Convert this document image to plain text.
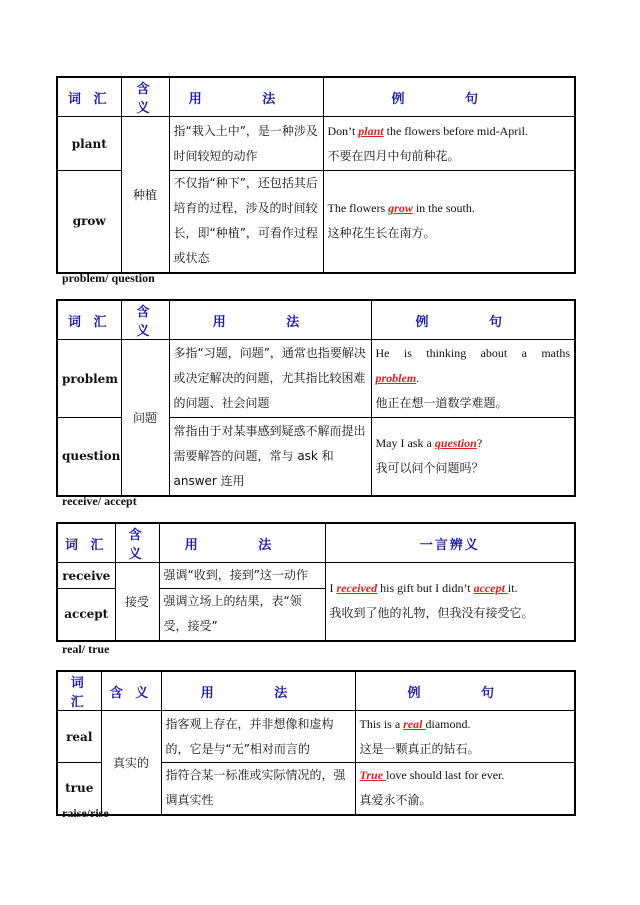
词 汇	含 义	用 法	例 句
plant	种植	指“栽入土中”，是一种涉及时间较短的动作	Don’t plant the flowers before mid-April.
不要在四月中旬前种花。
grow		不仅指“种下”，还包括其后培育的过程，涉及的时间较长，即“种植”，可看作过程或状态	The flowers grow in the south.
这种花生长在南方。
problem/ question
词 汇	含 义	用 法	例 句
problem	问题	多指“习题，问题”，通常也指要解决或决定解决的问题，尤其指比较困难的问题、社会问题	He is thinking about a maths
problem.
他正在想一道数学难题。
question		常指由于对某事感到疑惑不解而提出需要解答的问题，常与 ask 和 answer 连用	May I ask a question?
我可以问个问题吗？
receive/ accept
词 汇	含 义	用 法	一言辨义
receive	接受	强调“收到，接到”这一动作	I received his gift but I didn’t accept it.
我收到了他的礼物，但我没有接受它。
accept		强调立场上的结果，表“领受，接受”	
real/ true
词 汇	含 义	用 法	例 句
real	真实的	指客观上存在，并非想像和虚构的，它是与“无”相对而言的	This is a real diamond.
这是一颗真正的钻石。
true		指符合某一标准或实际情况的，强调真实性	True love should last for ever.
真爱永不渝。
raise/rise
